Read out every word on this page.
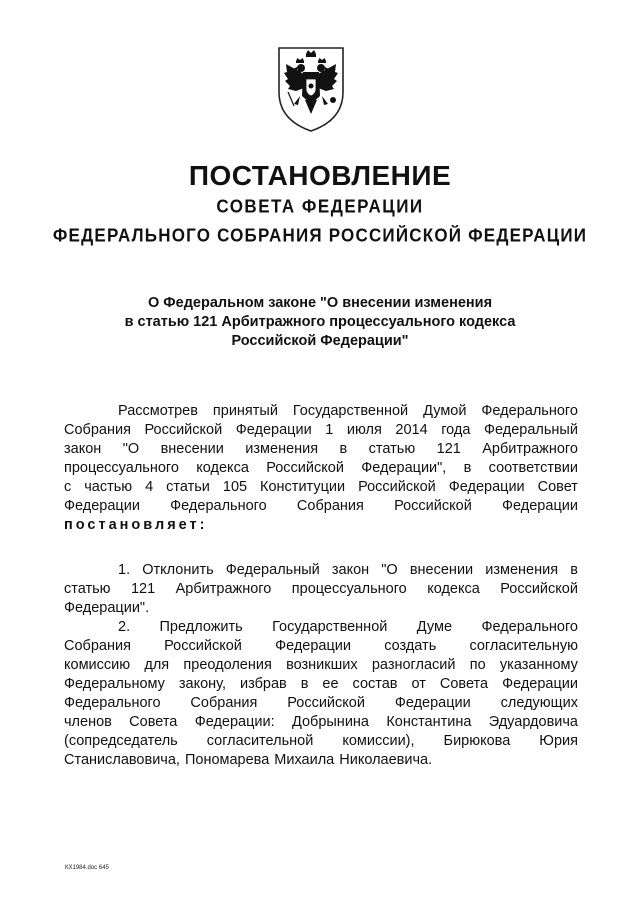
ПОСТАНОВЛЕНИЕ
СОВЕТА ФЕДЕРАЦИИ
ФЕДЕРАЛЬНОГО СОБРАНИЯ РОССИЙСКОЙ ФЕДЕРАЦИИ
О Федеральном законе "О внесении изменения
в статью 121 Арбитражного процессуального кодекса
Российской Федерации"
Рассмотрев принятый Государственной Думой Федерального
Собрания Российской Федерации 1 июля 2014 года Федеральный
закон "О внесении изменения в статью 121 Арбитражного
процессуального кодекса Российской Федерации", в соответствии
с частью 4 статьи 105 Конституции Российской Федерации Совет
Федерации Федерального Собрания Российской Федерации
постановляет:
1. Отклонить Федеральный закон "О внесении изменения в
статью 121 Арбитражного процессуального кодекса Российской
Федерации".
2. Предложить Государственной Думе Федерального
Собрания Российской Федерации создать согласительную
комиссию для преодоления возникших разногласий по указанному
Федеральному закону, избрав в ее состав от Совета Федерации
Федерального Собрания Российской Федерации следующих
членов Совета Федерации: Добрынина Константина Эдуардовича
(сопредседатель согласительной комиссии), Бирюкова Юрия
Станиславовича, Пономарева Михаила Николаевича.
КХ1984.doc 645
